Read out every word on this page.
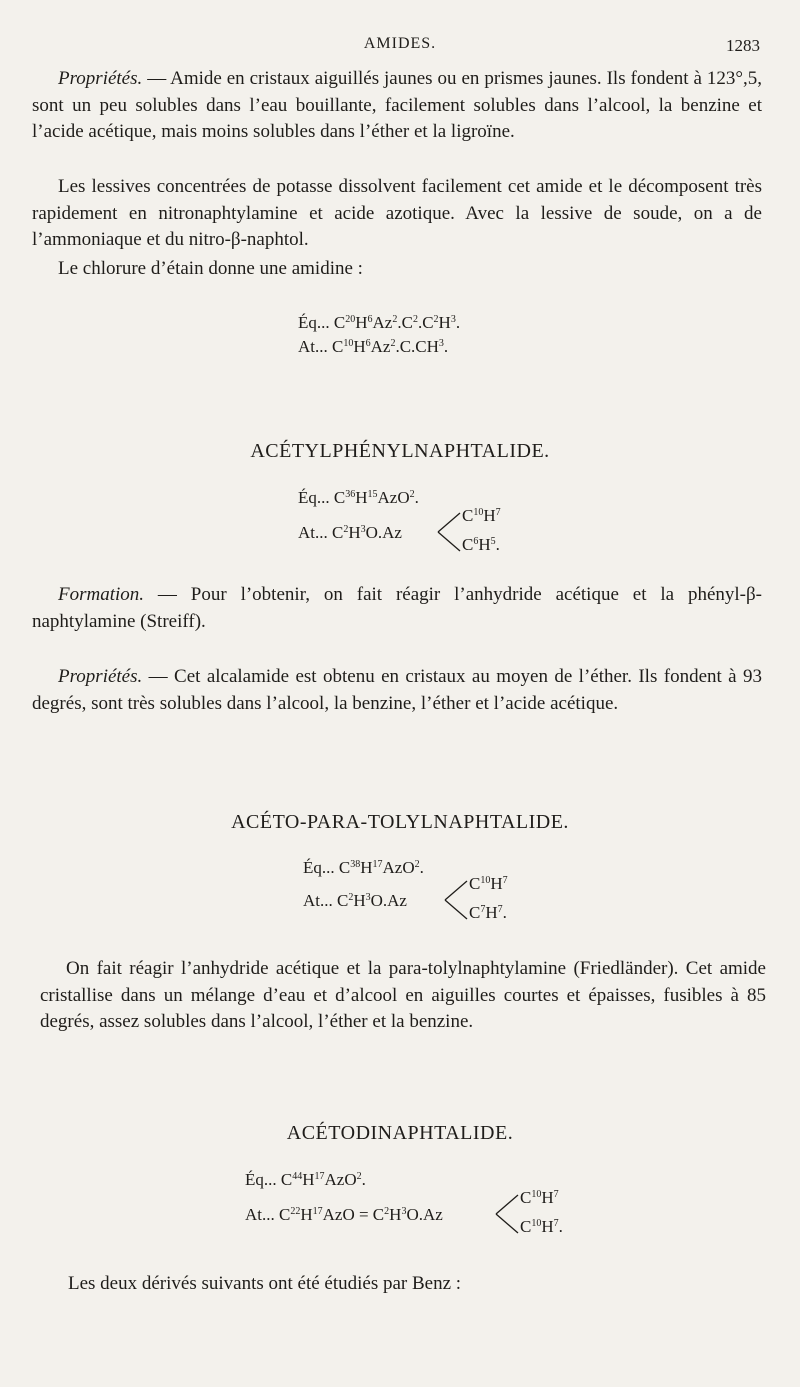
AMIDES.	1283
Propriétés. — Amide en cristaux aiguillés jaunes ou en prismes jaunes. Ils fondent à 123°,5, sont un peu solubles dans l’eau bouillante, facilement solubles dans l’alcool, la benzine et l’acide acétique, mais moins solubles dans l’éther et la ligroïne.
Les lessives concentrées de potasse dissolvent facilement cet amide et le décomposent très rapidement en nitronaphtylamine et acide azotique. Avec la lessive de soude, on a de l’ammoniaque et du nitro-β-naphtol.
Le chlorure d’étain donne une amidine :
Éq... $C^{20}H^6Az^2.C^2.C^2H^3$.
At... $C^{10}H^6Az^2.C.CH^3$.
ACÉTYLPHÉNYLNAPHTALIDE.
Éq... $C^{36}H^{15}AzO^2$.
At... $C^2H^3O.Az$
$C^{10}H^7$
$C^6H^5$.
Formation. — Pour l’obtenir, on fait réagir l’anhydride acétique et la phényl-β-naphtylamine (Streiff).
Propriétés. — Cet alcalamide est obtenu en cristaux au moyen de l’éther. Ils fondent à 93 degrés, sont très solubles dans l’alcool, la benzine, l’éther et l’acide acétique.
ACÉTO-PARA-TOLYLNAPHTALIDE.
Éq... $C^{38}H^{17}AzO^2$.
At... $C^2H^3O.Az$
$C^{10}H^7$
$C^7H^7$.
On fait réagir l’anhydride acétique et la para-tolylnaphtylamine (Friedländer). Cet amide cristallise dans un mélange d’eau et d’alcool en aiguilles courtes et épaisses, fusibles à 85 degrés, assez solubles dans l’alcool, l’éther et la benzine.
ACÉTODINAPHTALIDE.
Éq... $C^{44}H^{17}AzO^2$.
At... $C^{22}H^{17}AzO = C^2H^3O.Az$
$C^{10}H^7$
$C^{10}H^7$.
Les deux dérivés suivants ont été étudiés par Benz :
